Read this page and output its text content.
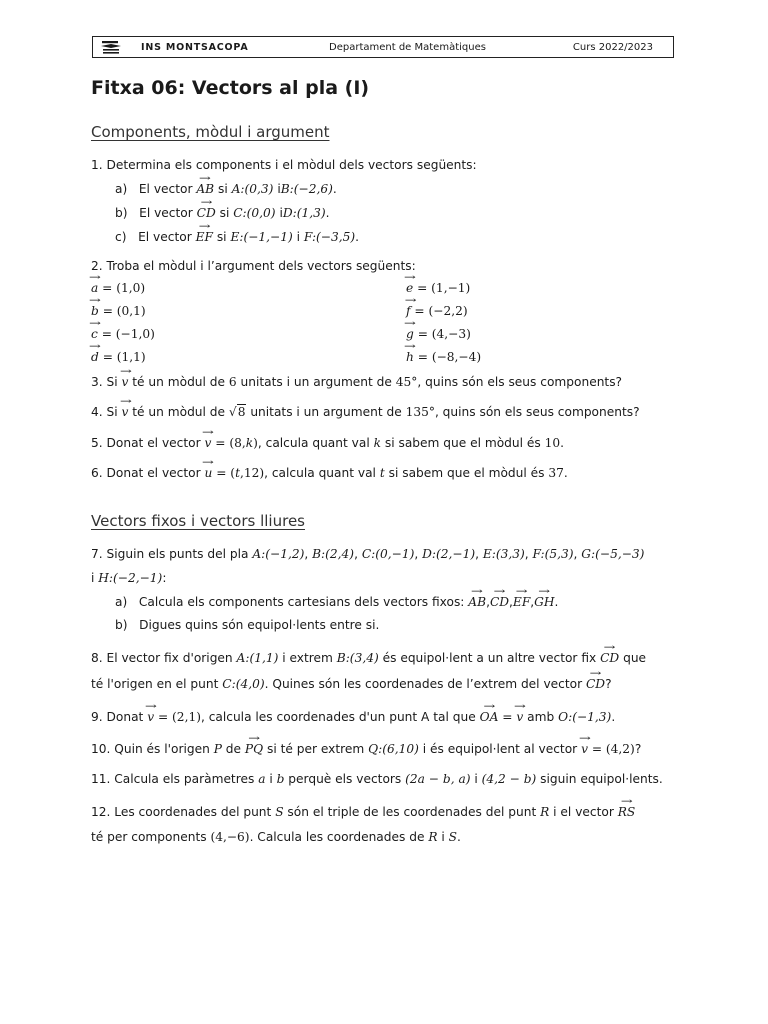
INS MONTSACOPA	Departament de Matemàtiques	Curs 2022/2023
Fitxa 06: Vectors al pla (I)
Components, mòdul i argument
1. Determina els components i el mòdul dels vectors següents:
a) El vector → AB si A:(0,3) iB:(−2,6).
b) El vector → CD si C:(0,0) iD:(1,3).
c) El vector → EF si E:(−1,−1) i F:(−3,5).
2. Troba el mòdul i l’argument dels vectors següents:
→ a = (1,0)
→ b = (0,1)
→ c = (−1,0)
→ d = (1,1)
→ e = (1,−1)
→ f = (−2,2)
→ g = (4,−3)
→ h = (−8,−4)
3. Si → v té un mòdul de 6 unitats i un argument de 45°, quins són els seus components?
4. Si → v té un mòdul de √8 unitats i un argument de 135°, quins són els seus components?
5. Donat el vector → v = (8,k), calcula quant val k si sabem que el mòdul és 10.
6. Donat el vector → u = (t,12), calcula quant val t si sabem que el mòdul és 37.
Vectors fixos i vectors lliures
7. Siguin els punts del pla A:(−1,2), B:(2,4), C:(0,−1), D:(2,−1), E:(3,3), F:(5,3), G:(−5,−3)
i H:(−2,−1):
a) Calcula els components cartesians dels vectors fixos: → AB,→ CD,→ EF,→ GH.
b) Digues quins són equipol·lents entre si.
8. El vector fix d'origen A:(1,1) i extrem B:(3,4) és equipol·lent a un altre vector fix → CD que
té l'origen en el punt C:(4,0). Quines són les coordenades de l’extrem del vector → CD?
9. Donat → v = (2,1), calcula les coordenades d'un punt A tal que → OA = → v amb O:(−1,3).
10. Quin és l'origen P de → PQ si té per extrem Q:(6,10) i és equipol·lent al vector → v = (4,2)?
11. Calcula els paràmetres a i b perquè els vectors (2a − b, a) i (4,2 − b) siguin equipol·lents.
12. Les coordenades del punt S són el triple de les coordenades del punt R i el vector → RS
té per components (4,−6). Calcula les coordenades de R i S.
